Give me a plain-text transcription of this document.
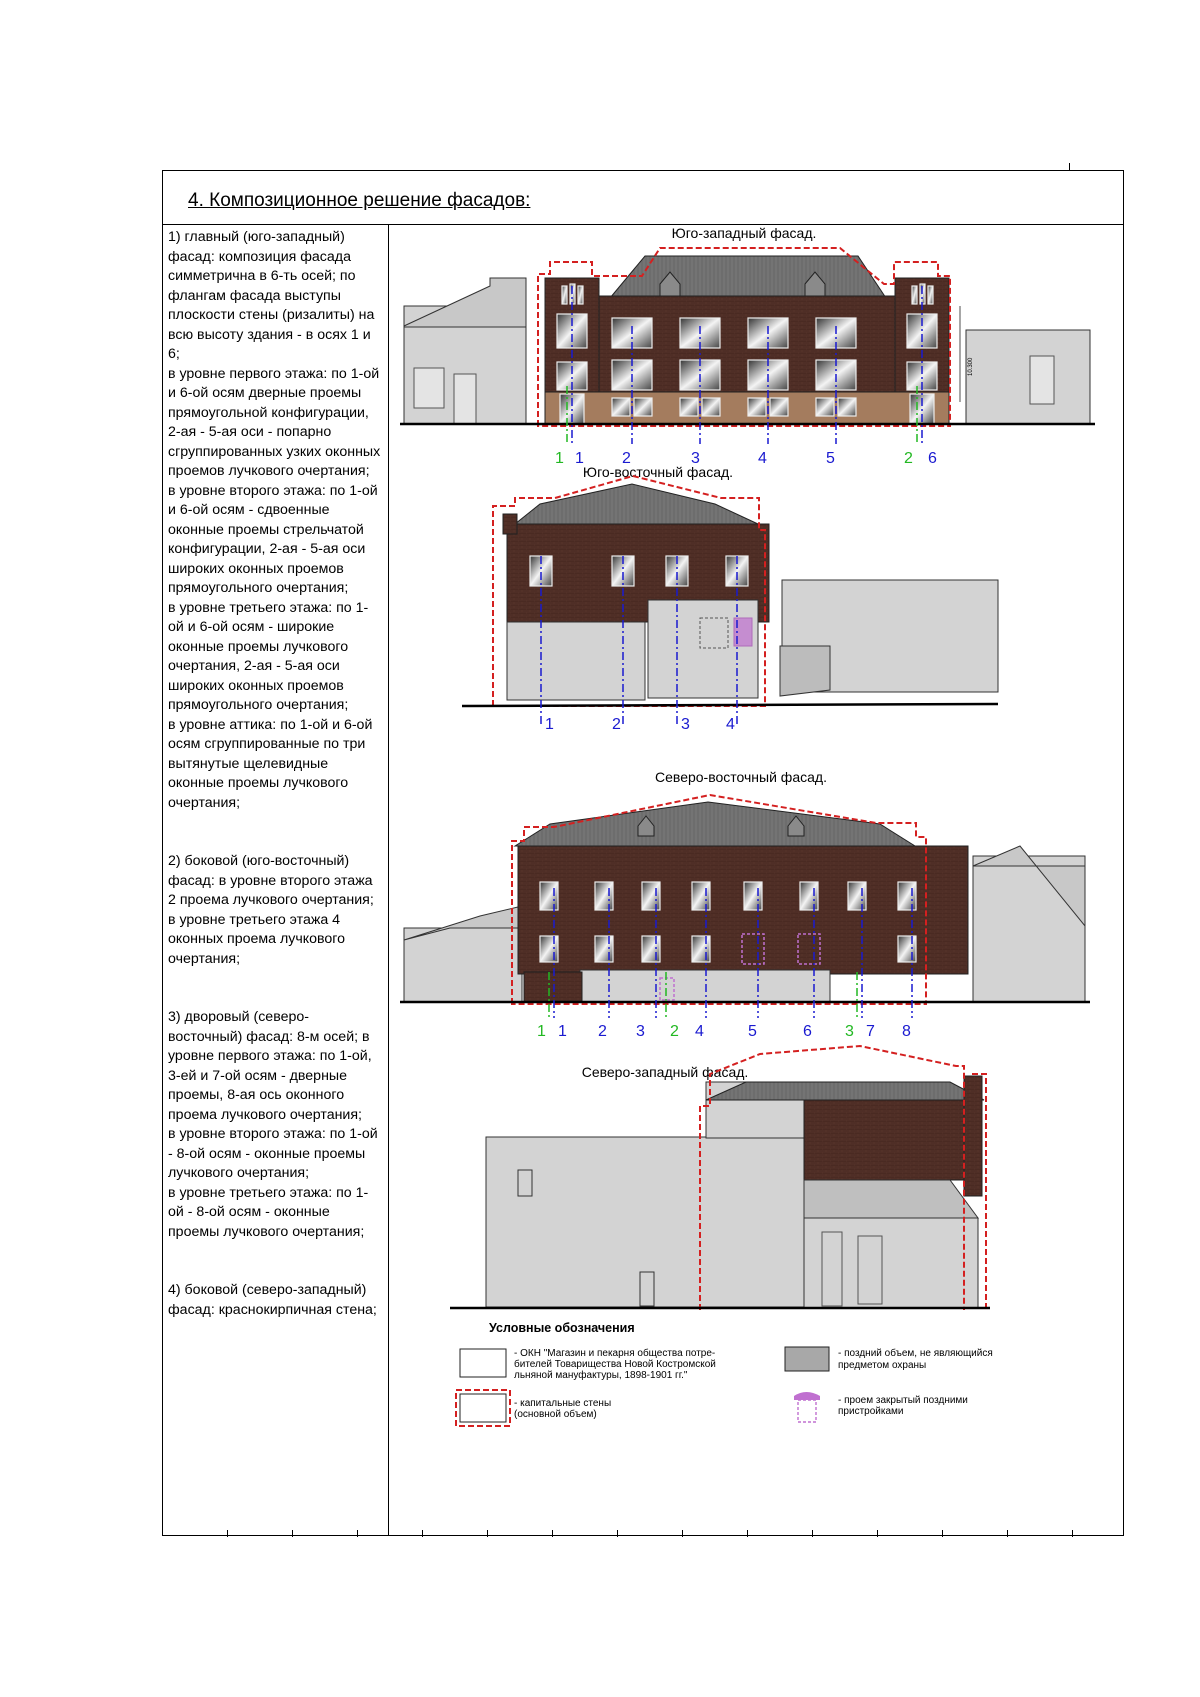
4. Композиционное решение фасадов:

1) главный (юго-западный) фасад: композиция фасада симметрична в 6-ть осей; по флангам фасада выступы плоскости стены (ризалиты) на всю высоту здания - в осях 1 и 6;
в уровне первого этажа: по 1-ой и 6-ой осям дверные проемы прямоугольной конфигурации, 2-ая - 5-ая оси - попарно сгруппированных узких оконных проемов лучкового очертания;
в уровне второго этажа: по 1-ой и 6-ой осям - сдвоенные оконные проемы стрельчатой конфигурации, 2-ая - 5-ая оси широких оконных проемов прямоугольного очертания;
в уровне третьего этажа: по 1-ой и 6-ой осям - широкие оконные проемы лучкового очертания, 2-ая - 5-ая оси широких оконных проемов прямоугольного очертания;
в уровне аттика: по 1-ой и 6-ой осям сгруппированные по три вытянутые щелевидные оконные проемы лучкового очертания;

2) боковой (юго-восточный) фасад: в уровне второго этажа 2 проема лучкового очертания; в уровне третьего этажа 4 оконных проема лучкового очертания;

3) дворовый (северо-восточный) фасад: 8-м осей; в уровне первого этажа: по 1-ой, 3-ей и 7-ой осям - дверные проемы, 8-ая ось оконного проема лучкового очертания;
в уровне второго этажа: по 1-ой - 8-ой осям - оконные проемы лучкового очертания;
в уровне третьего этажа: по 1-ой - 8-ой осям - оконные проемы лучкового очертания;

4) боковой (северо-западный) фасад: краснокирпичная стена;

Юго-западный фасад.
10.300
1 2	3	4	5	6
1	2
Юго-восточный фасад.
1	2	3 4
Северо-восточный фасад.
1 2 3	4	5	6	7 8
1	2	3
Северо-западный фасад.
Условные обозначения
- ОКН "Магазин и пекарня общества потре-
бителей Товарищества Новой Костромской
льняной мануфактуры, 1898-1901 гг."
- поздний объем, не являющийся
предметом охраны
- капитальные стены
(основной объем)
- проем закрытый поздними
пристройками
